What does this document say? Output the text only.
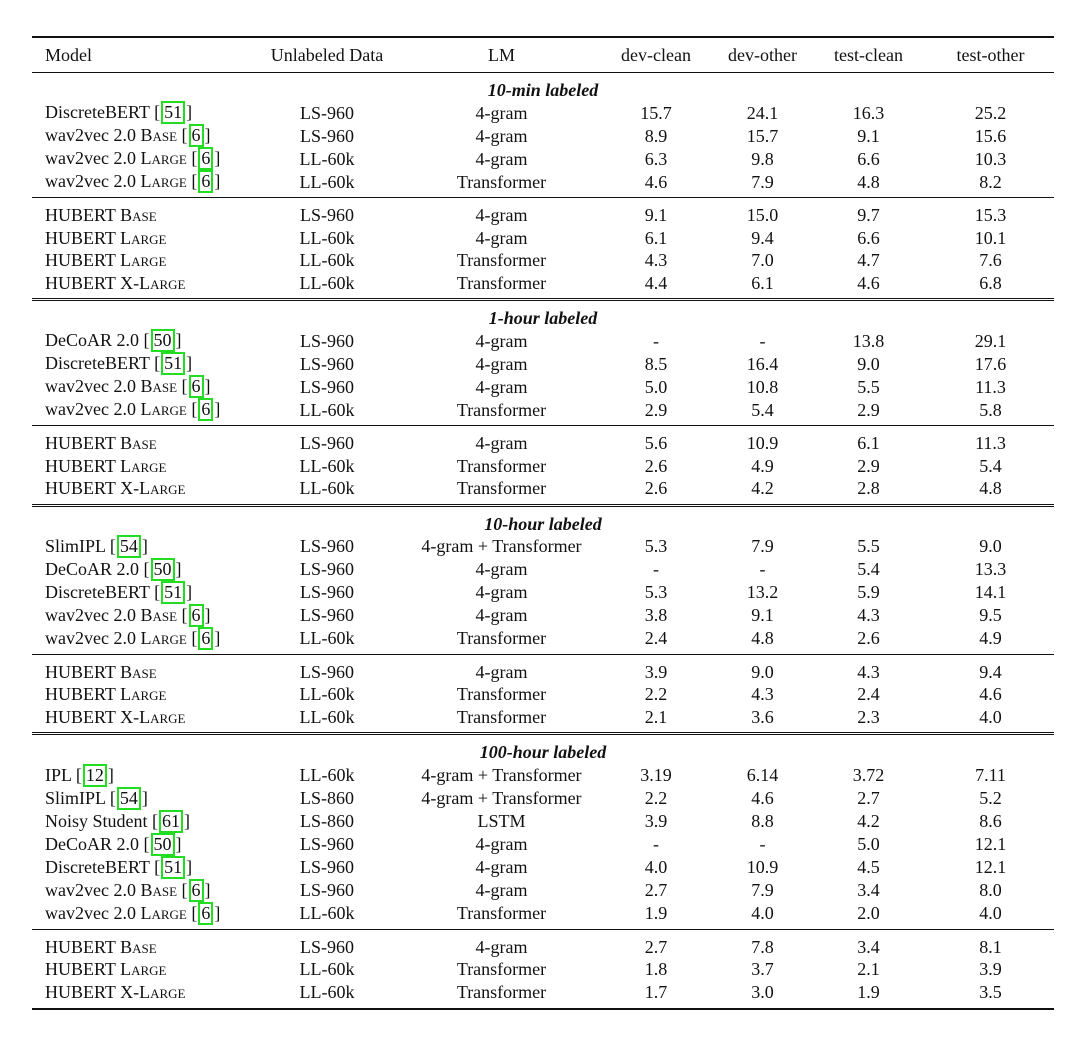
Model	Unlabeled Data	LM	dev-clean	dev-other	test-clean	test-other
10-min labeled						
DiscreteBERT [ 51 ]	LS-960	4-gram	15.7	24.1	16.3	25.2
wav2vec 2.0 Base [ 6 ]	LS-960	4-gram	8.9	15.7	9.1	15.6
wav2vec 2.0 Large [ 6 ]	LL-60k	4-gram	6.3	9.8	6.6	10.3
wav2vec 2.0 Large [ 6 ]	LL-60k	Transformer	4.6	7.9	4.8	8.2
HUBERT Base	LS-960	4-gram	9.1	15.0	9.7	15.3
HUBERT Large	LL-60k	4-gram	6.1	9.4	6.6	10.1
HUBERT Large	LL-60k	Transformer	4.3	7.0	4.7	7.6
HUBERT X-Large	LL-60k	Transformer	4.4	6.1	4.6	6.8
1-hour labeled						
DeCoAR 2.0 [ 50 ]	LS-960	4-gram	-	-	13.8	29.1
DiscreteBERT [ 51 ]	LS-960	4-gram	8.5	16.4	9.0	17.6
wav2vec 2.0 Base [ 6 ]	LS-960	4-gram	5.0	10.8	5.5	11.3
wav2vec 2.0 Large [ 6 ]	LL-60k	Transformer	2.9	5.4	2.9	5.8
HUBERT Base	LS-960	4-gram	5.6	10.9	6.1	11.3
HUBERT Large	LL-60k	Transformer	2.6	4.9	2.9	5.4
HUBERT X-Large	LL-60k	Transformer	2.6	4.2	2.8	4.8
10-hour labeled						
SlimIPL [ 54 ]	LS-960	4-gram + Transformer	5.3	7.9	5.5	9.0
DeCoAR 2.0 [ 50 ]	LS-960	4-gram	-	-	5.4	13.3
DiscreteBERT [ 51 ]	LS-960	4-gram	5.3	13.2	5.9	14.1
wav2vec 2.0 Base [ 6 ]	LS-960	4-gram	3.8	9.1	4.3	9.5
wav2vec 2.0 Large [ 6 ]	LL-60k	Transformer	2.4	4.8	2.6	4.9
HUBERT Base	LS-960	4-gram	3.9	9.0	4.3	9.4
HUBERT Large	LL-60k	Transformer	2.2	4.3	2.4	4.6
HUBERT X-Large	LL-60k	Transformer	2.1	3.6	2.3	4.0
100-hour labeled						
IPL [ 12 ]	LL-60k	4-gram + Transformer	3.19	6.14	3.72	7.11
SlimIPL [ 54 ]	LS-860	4-gram + Transformer	2.2	4.6	2.7	5.2
Noisy Student [ 61 ]	LS-860	LSTM	3.9	8.8	4.2	8.6
DeCoAR 2.0 [ 50 ]	LS-960	4-gram	-	-	5.0	12.1
DiscreteBERT [ 51 ]	LS-960	4-gram	4.0	10.9	4.5	12.1
wav2vec 2.0 Base [ 6 ]	LS-960	4-gram	2.7	7.9	3.4	8.0
wav2vec 2.0 Large [ 6 ]	LL-60k	Transformer	1.9	4.0	2.0	4.0
HUBERT Base	LS-960	4-gram	2.7	7.8	3.4	8.1
HUBERT Large	LL-60k	Transformer	1.8	3.7	2.1	3.9
HUBERT X-Large	LL-60k	Transformer	1.7	3.0	1.9	3.5
